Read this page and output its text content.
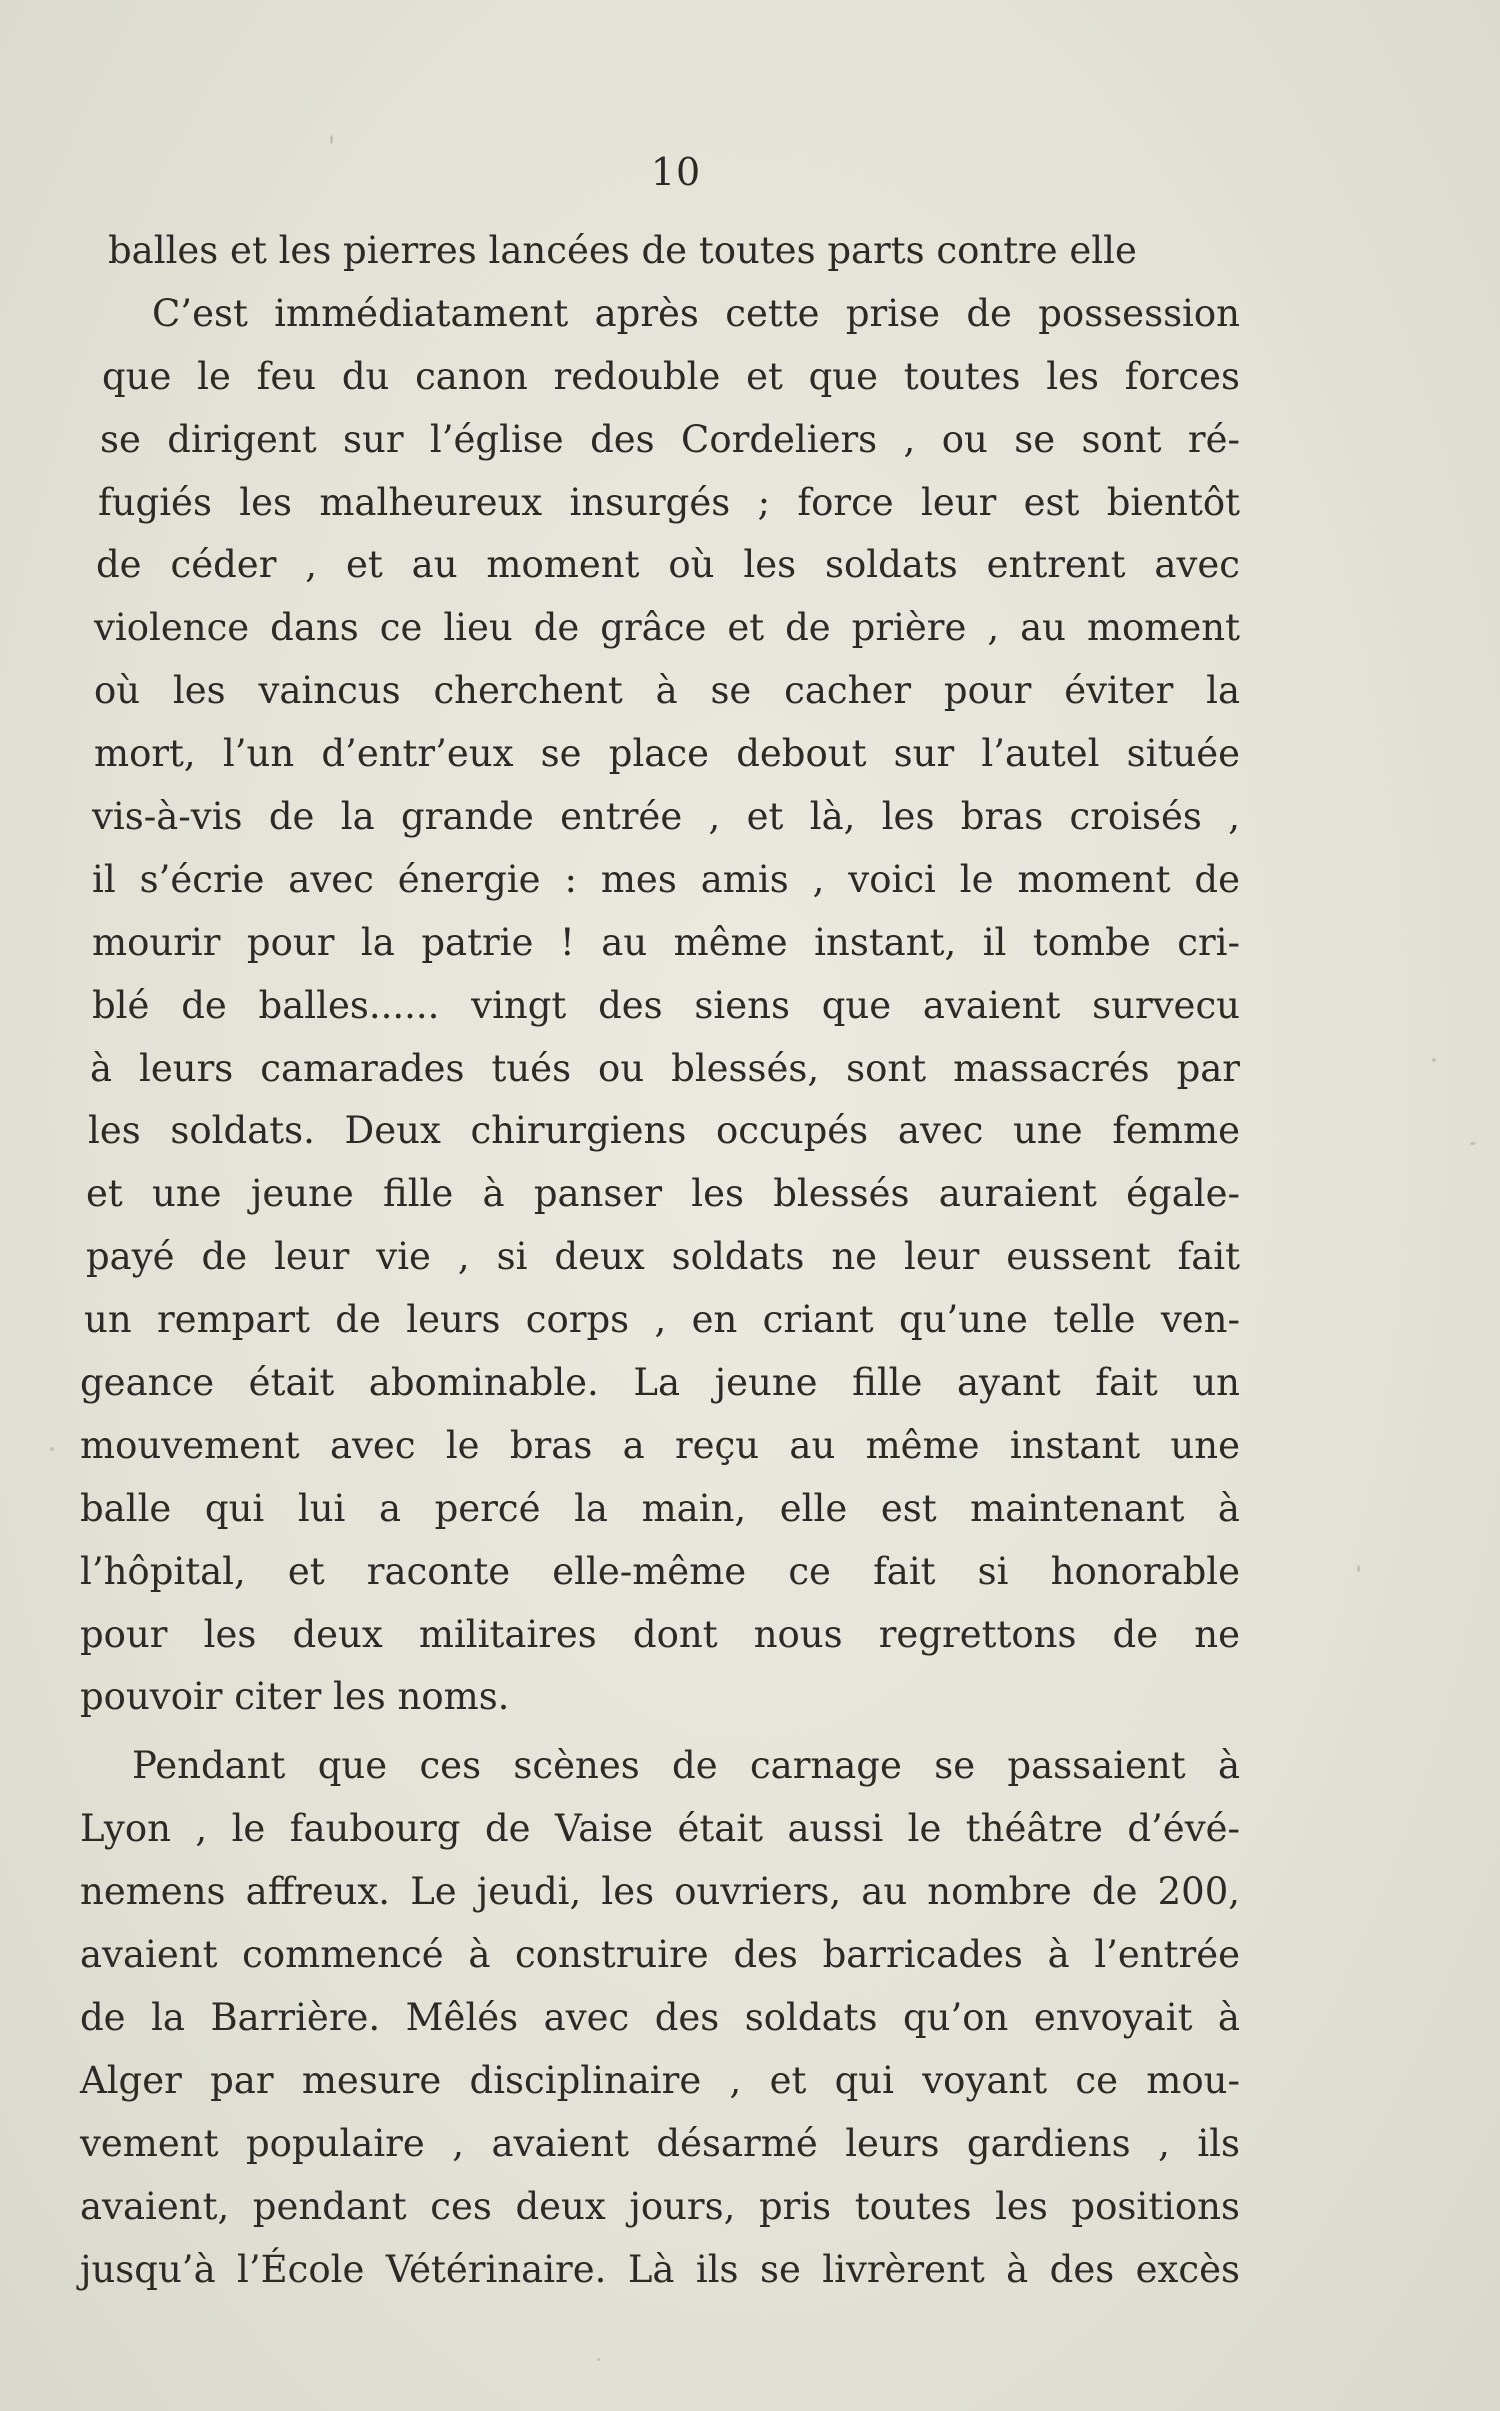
10
balles et les pierres lancées de toutes parts contre elle
C’est immédiatament après cette prise de possession
que le feu du canon redouble et que toutes les forces
se dirigent sur l’église des Cordeliers , ou se sont ré-
fugiés les malheureux insurgés ; force leur est bientôt
de céder , et au moment où les soldats entrent avec
violence dans ce lieu de grâce et de prière , au moment
où les vaincus cherchent à se cacher pour éviter la
mort, l’un d’entr’eux se place debout sur l’autel située
vis-à-vis de la grande entrée , et là, les bras croisés ,
il s’écrie avec énergie : mes amis , voici le moment de
mourir pour la patrie ! au même instant, il tombe cri-
blé de balles...... vingt des siens que avaient survecu
à leurs camarades tués ou blessés, sont massacrés par
les soldats. Deux chirurgiens occupés avec une femme
et une jeune fille à panser les blessés auraient égale-
payé de leur vie , si deux soldats ne leur eussent fait
un rempart de leurs corps , en criant qu’une telle ven-
geance était abominable. La jeune fille ayant fait un
mouvement avec le bras a reçu au même instant une
balle qui lui a percé la main, elle est maintenant à
l’hôpital, et raconte elle-même ce fait si honorable
pour les deux militaires dont nous regrettons de ne
pouvoir citer les noms.
Pendant que ces scènes de carnage se passaient à
Lyon , le faubourg de Vaise était aussi le théâtre d’évé-
nemens affreux. Le jeudi, les ouvriers, au nombre de 200,
avaient commencé à construire des barricades à l’entrée
de la Barrière. Mêlés avec des soldats qu’on envoyait à
Alger par mesure disciplinaire , et qui voyant ce mou-
vement populaire , avaient désarmé leurs gardiens , ils
avaient, pendant ces deux jours, pris toutes les positions
jusqu’à l’École Vétérinaire. Là ils se livrèrent à des excès
